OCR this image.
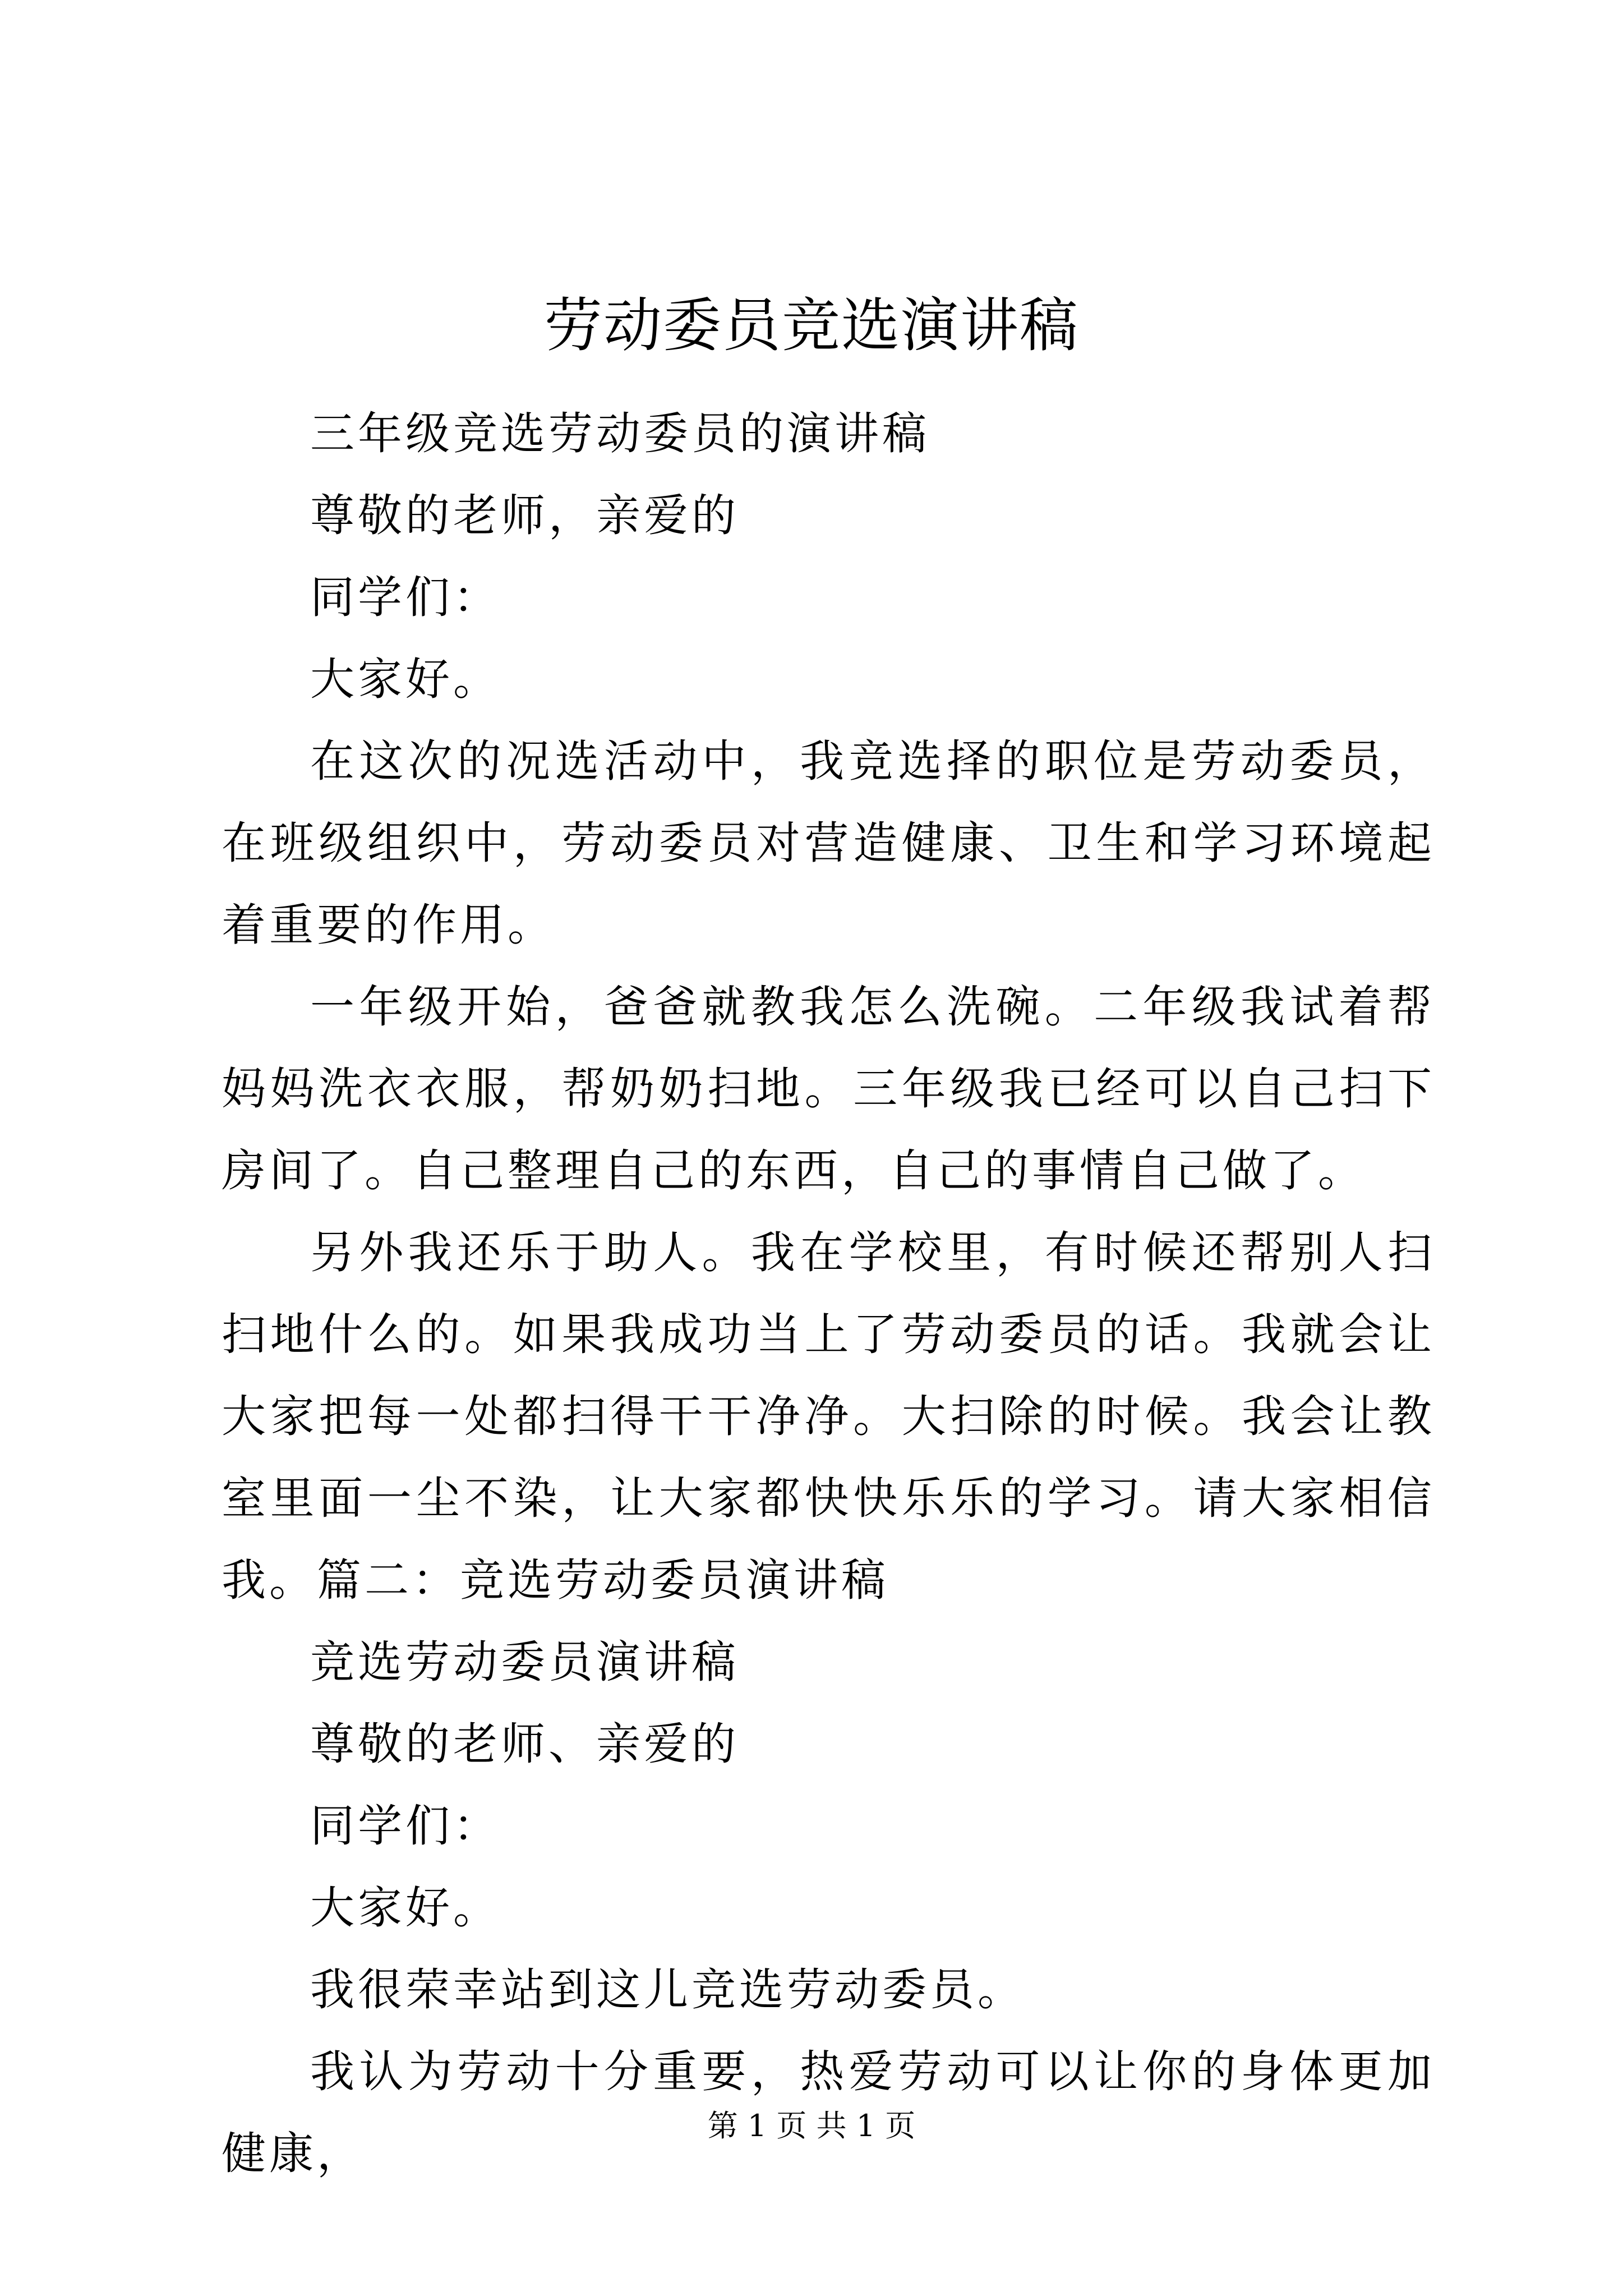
劳动委员竞选演讲稿

三年级竞选劳动委员的演讲稿

尊敬的老师，亲爱的

同学们：

大家好。

在这次的况选活动中，我竞选择的职位是劳动委员，在班级组织中，劳动委员对营造健康、卫生和学习环境起着重要的作用。

一年级开始，爸爸就教我怎么洗碗。二年级我试着帮妈妈洗衣衣服，帮奶奶扫地。三年级我已经可以自己扫下房间了。自己整理自己的东西，自己的事情自己做了。

另外我还乐于助人。我在学校里，有时候还帮别人扫扫地什么的。如果我成功当上了劳动委员的话。我就会让大家把每一处都扫得干干净净。大扫除的时候。我会让教室里面一尘不染，让大家都快快乐乐的学习。请大家相信我。篇二：竞选劳动委员演讲稿

竞选劳动委员演讲稿

尊敬的老师、亲爱的

同学们：

大家好。

我很荣幸站到这儿竞选劳动委员。

我认为劳动十分重要，热爱劳动可以让你的身体更加健康，

第 1 页 共 1 页
